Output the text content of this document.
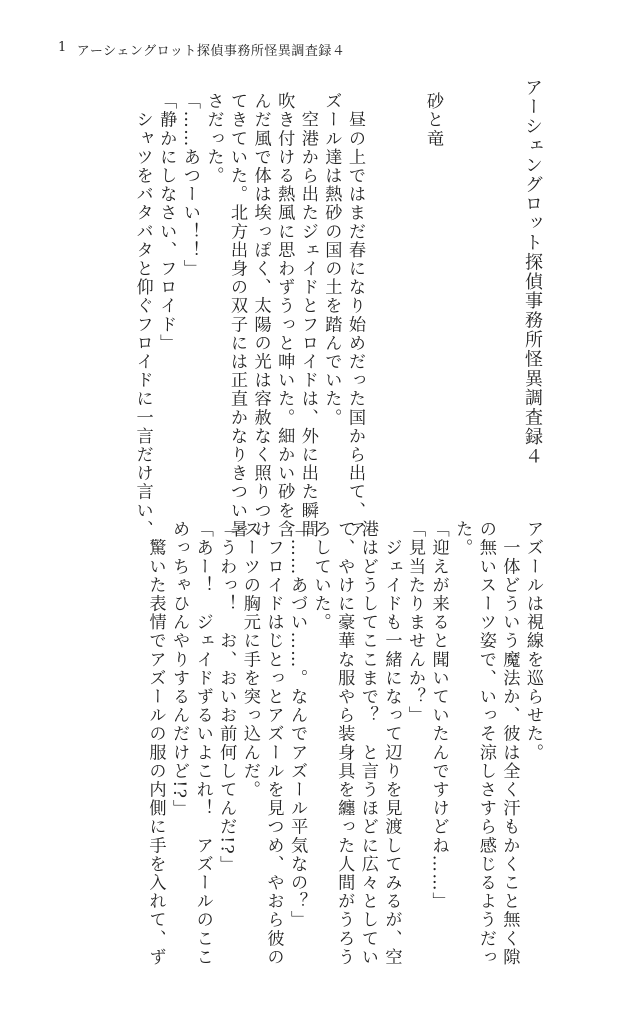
1 アーシェングロット探偵事務所怪異調査録４
アーシェングロット探偵事務所怪異調査録４
砂と竜
　昼の上ではまだ春になり始めだった国から出て、ア
ズール達は熱砂の国の土を踏んでいた。
　空港から出たジェイドとフロイドは、外に出た瞬間
吹き付ける熱風に思わずうっと呻いた。細かい砂を含
んだ風で体は埃っぽく、太陽の光は容赦なく照りつけ
てきていた。北方出身の双子には正直かなりきつい暑
さだった。
「……あつーい！！」
「静かにしなさい、フロイド」
　シャツをバタバタと仰ぐフロイドに一言だけ言い、
アズールは視線を巡らせた。
　一体どういう魔法か、彼は全く汗もかくこと無く隙
の無いスーツ姿で、いっそ涼しさすら感じるようだっ
た。
「迎えが来ると聞いていたんですけどね……」
「見当たりませんか？」
　ジェイドも一緒になって辺りを見渡してみるが、空
港はどうしてここまで？　と言うほどに広々としてい
て、やけに豪華な服やら装身具を纏った人間がうろう
ろしていた。
「……あづい……。なんでアズール平気なの？」
　フロイドはじとっとアズールを見つめ、やおら彼の
スーツの胸元に手を突っ込んだ。
「うわっ！　お、おいお前何してんだ!?」
「あー！　ジェイドずるいよこれ！　アズールのここ
めっちゃひんやりするんだけど!?」
　驚いた表情でアズールの服の内側に手を入れて、ず
